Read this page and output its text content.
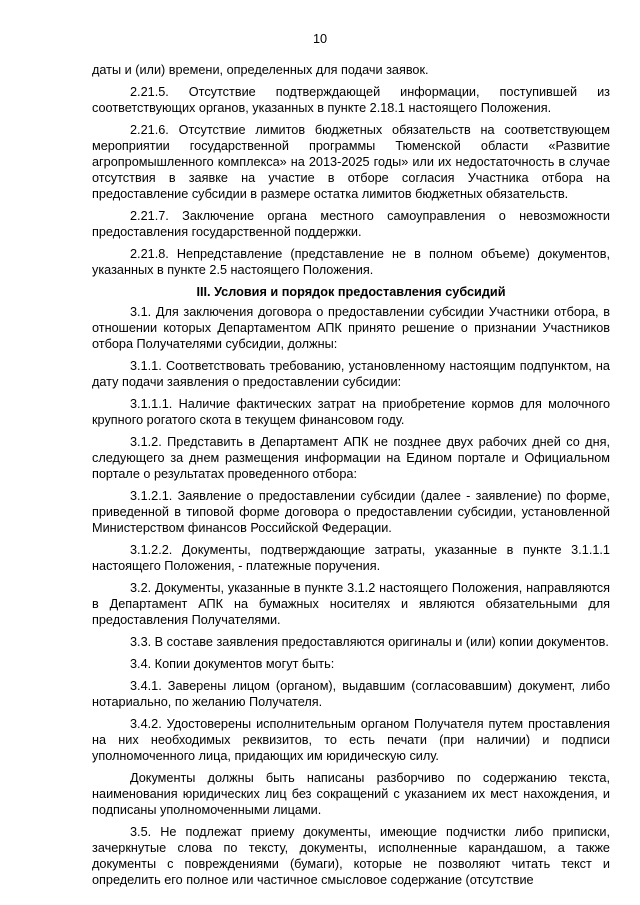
10

даты и (или) времени, определенных для подачи заявок.

2.21.5. Отсутствие подтверждающей информации, поступившей из соответствующих органов, указанных в пункте 2.18.1 настоящего Положения.

2.21.6. Отсутствие лимитов бюджетных обязательств на соответствующем мероприятии государственной программы Тюменской области «Развитие агропромышленного комплекса» на 2013-2025 годы» или их недостаточность в случае отсутствия в заявке на участие в отборе согласия Участника отбора на предоставление субсидии в размере остатка лимитов бюджетных обязательств.

2.21.7. Заключение органа местного самоуправления о невозможности предоставления государственной поддержки.

2.21.8. Непредставление (представление не в полном объеме) документов, указанных в пункте 2.5 настоящего Положения.

III. Условия и порядок предоставления субсидий

3.1. Для заключения договора о предоставлении субсидии Участники отбора, в отношении которых Департаментом АПК принято решение о признании Участников отбора Получателями субсидии, должны:

3.1.1. Соответствовать требованию, установленному настоящим подпунктом, на дату подачи заявления о предоставлении субсидии:

3.1.1.1. Наличие фактических затрат на приобретение кормов для молочного крупного рогатого скота в текущем финансовом году.

3.1.2. Представить в Департамент АПК не позднее двух рабочих дней со дня, следующего за днем размещения информации на Едином портале и Официальном портале о результатах проведенного отбора:

3.1.2.1. Заявление о предоставлении субсидии (далее - заявление) по форме, приведенной в типовой форме договора о предоставлении субсидии, установленной Министерством финансов Российской Федерации.

3.1.2.2. Документы, подтверждающие затраты, указанные в пункте 3.1.1.1 настоящего Положения, - платежные поручения.

3.2. Документы, указанные в пункте 3.1.2 настоящего Положения, направляются в Департамент АПК на бумажных носителях и являются обязательными для предоставления Получателями.

3.3. В составе заявления предоставляются оригиналы и (или) копии документов.

3.4. Копии документов могут быть:

3.4.1. Заверены лицом (органом), выдавшим (согласовавшим) документ, либо нотариально, по желанию Получателя.

3.4.2. Удостоверены исполнительным органом Получателя путем проставления на них необходимых реквизитов, то есть печати (при наличии) и подписи уполномоченного лица, придающих им юридическую силу.

Документы должны быть написаны разборчиво по содержанию текста, наименования юридических лиц без сокращений с указанием их мест нахождения, и подписаны уполномоченными лицами.

3.5. Не подлежат приему документы, имеющие подчистки либо приписки, зачеркнутые слова по тексту, документы, исполненные карандашом, а также документы с повреждениями (бумаги), которые не позволяют читать текст и определить его полное или частичное смысловое содержание (отсутствие
